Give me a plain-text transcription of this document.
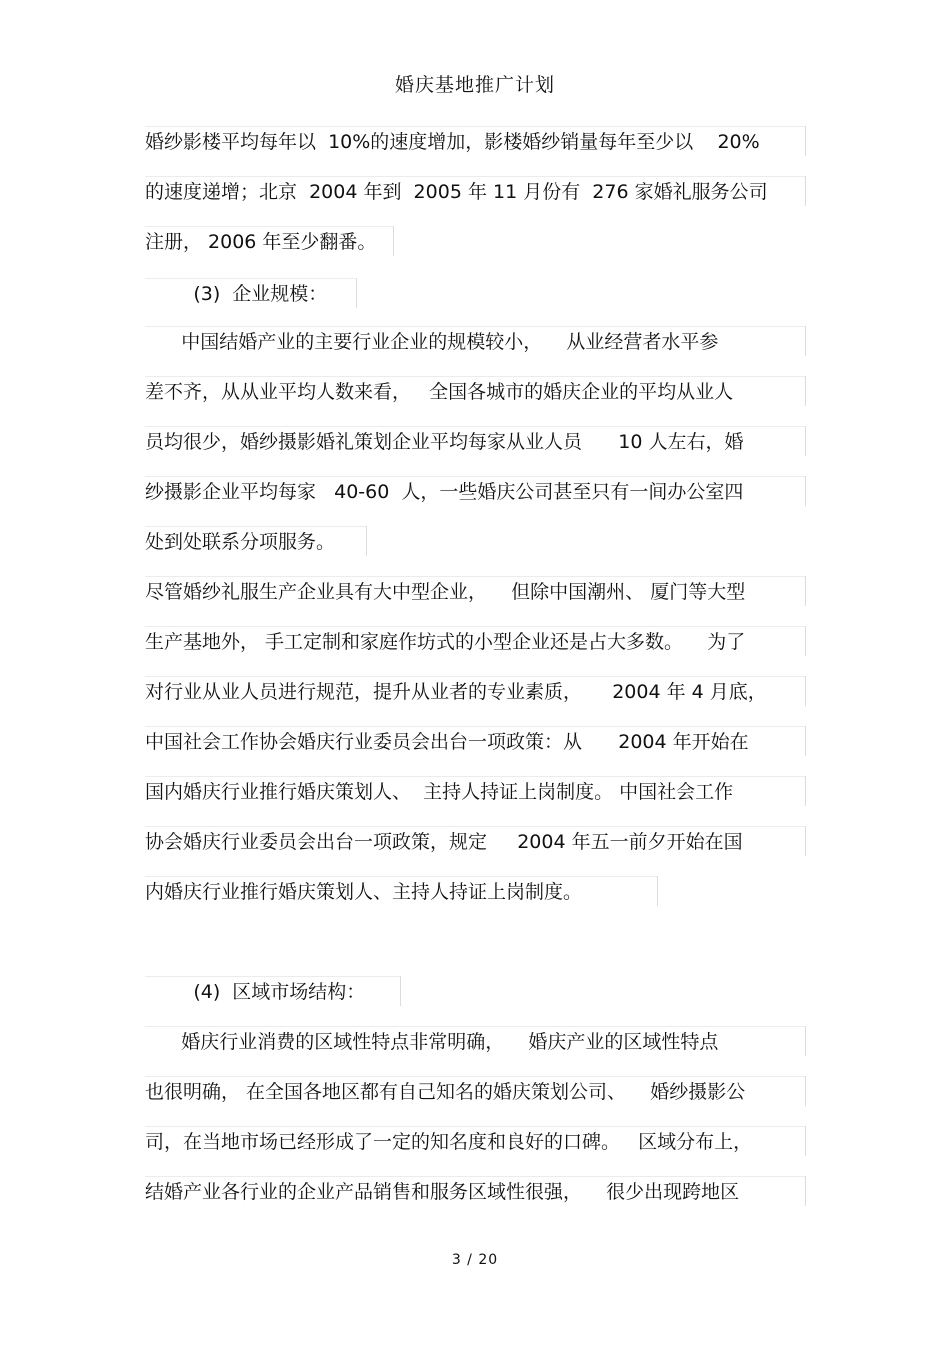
婚庆基地推广计划
婚纱影楼平均每年以  10%的速度增加，影楼婚纱销量每年至少以    20%
的速度递增；北京  2004 年到  2005 年 11 月份有  276 家婚礼服务公司
注册， 2006 年至少翻番。
(3)  企业规模：
中国结婚产业的主要行业企业的规模较小，    从业经营者水平参
差不齐，从从业平均人数来看，   全国各城市的婚庆企业的平均从业人
员均很少，婚纱摄影婚礼策划企业平均每家从业人员      10 人左右，婚
纱摄影企业平均每家   40-60  人，一些婚庆公司甚至只有一间办公室四
处到处联系分项服务。
尽管婚纱礼服生产企业具有大中型企业，    但除中国潮州、 厦门等大型
生产基地外， 手工定制和家庭作坊式的小型企业还是占大多数。    为了
对行业从业人员进行规范，提升从业者的专业素质，     2004 年 4 月底，
中国社会工作协会婚庆行业委员会出台一项政策：从      2004 年开始在
国内婚庆行业推行婚庆策划人、  主持人持证上岗制度。 中国社会工作
协会婚庆行业委员会出台一项政策，规定     2004 年五一前夕开始在国
内婚庆行业推行婚庆策划人、主持人持证上岗制度。
(4)  区域市场结构：
婚庆行业消费的区域性特点非常明确，    婚庆产业的区域性特点
也很明确， 在全国各地区都有自己知名的婚庆策划公司、    婚纱摄影公
司，在当地市场已经形成了一定的知名度和良好的口碑。   区域分布上，
结婚产业各行业的企业产品销售和服务区域性很强，    很少出现跨地区
3 / 20
